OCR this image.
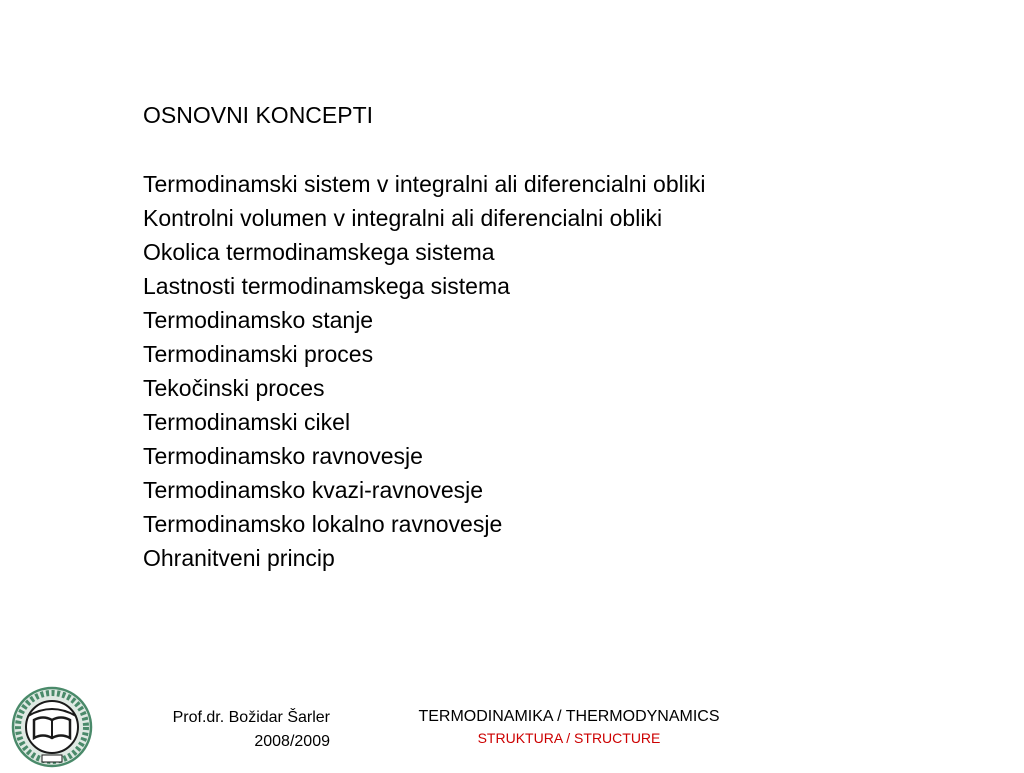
OSNOVNI KONCEPTI
Termodinamski sistem v integralni ali diferencialni obliki
Kontrolni volumen v integralni ali diferencialni obliki
Okolica termodinamskega sistema
Lastnosti termodinamskega sistema
Termodinamsko stanje
Termodinamski proces
Tekočinski proces
Termodinamski cikel
Termodinamsko ravnovesje
Termodinamsko kvazi-ravnovesje
Termodinamsko lokalno ravnovesje
Ohranitveni princip
Prof.dr. Božidar Šarler
2008/2009
TERMODINAMIKA / THERMODYNAMICS
STRUKTURA / STRUCTURE
